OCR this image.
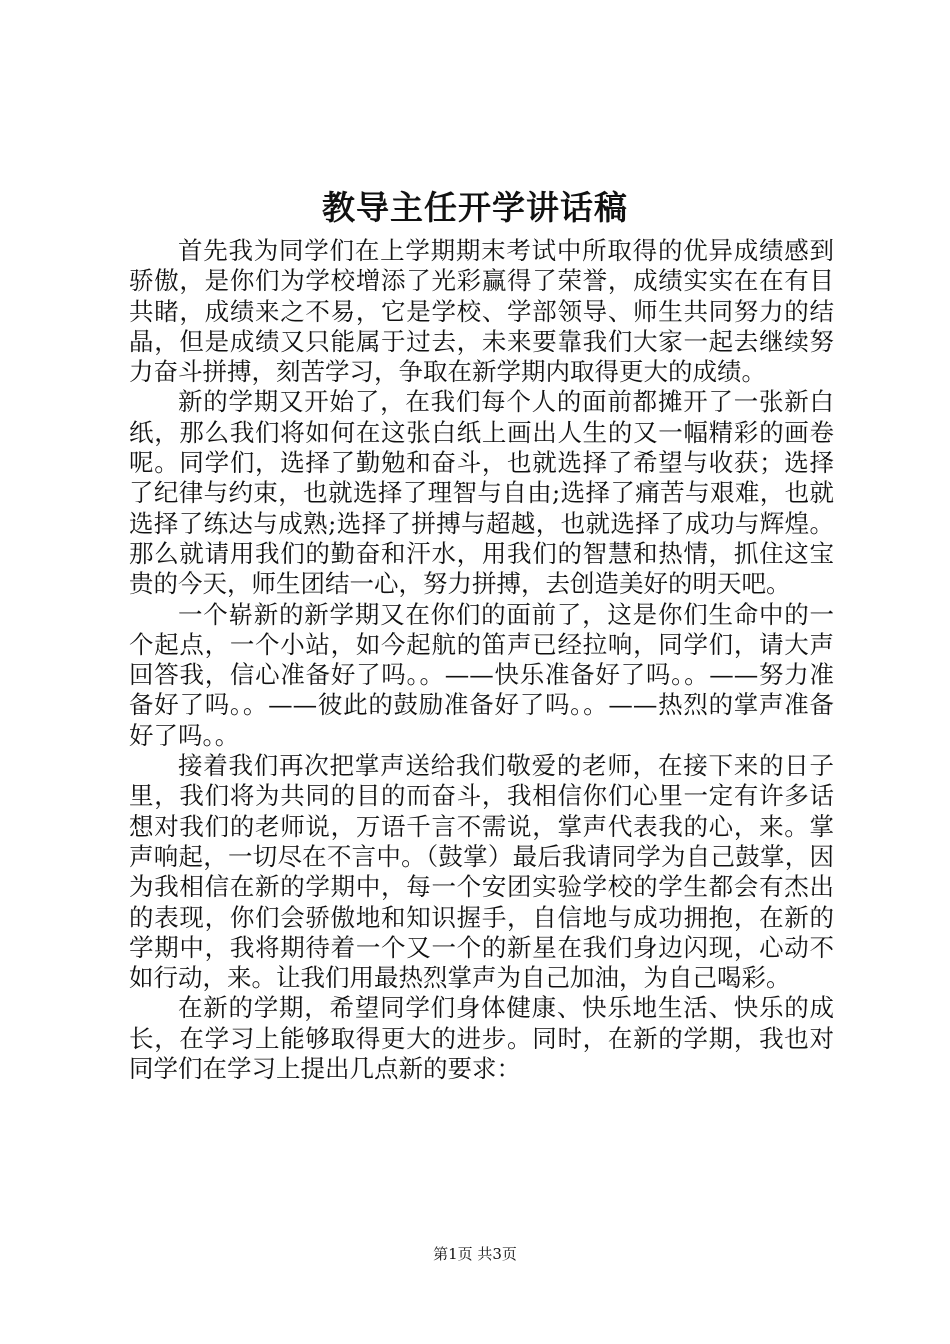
教导主任开学讲话稿

首先我为同学们在上学期期末考试中所取得的优异成绩感到骄傲，是你们为学校增添了光彩赢得了荣誉，成绩实实在在有目共睹，成绩来之不易，它是学校、学部领导、师生共同努力的结晶，但是成绩又只能属于过去，未来要靠我们大家一起去继续努力奋斗拼搏，刻苦学习，争取在新学期内取得更大的成绩。

新的学期又开始了，在我们每个人的面前都摊开了一张新白纸，那么我们将如何在这张白纸上画出人生的又一幅精彩的画卷呢。同学们，选择了勤勉和奋斗，也就选择了希望与收获；选择了纪律与约束，也就选择了理智与自由;选择了痛苦与艰难，也就选择了练达与成熟;选择了拼搏与超越，也就选择了成功与辉煌。那么就请用我们的勤奋和汗水，用我们的智慧和热情，抓住这宝贵的今天，师生团结一心，努力拼搏，去创造美好的明天吧。

一个崭新的新学期又在你们的面前了，这是你们生命中的一个起点，一个小站，如今起航的笛声已经拉响，同学们，请大声回答我，信心准备好了吗。。——快乐准备好了吗。。——努力准备好了吗。。——彼此的鼓励准备好了吗。。——热烈的掌声准备好了吗。。

接着我们再次把掌声送给我们敬爱的老师，在接下来的日子里，我们将为共同的目的而奋斗，我相信你们心里一定有许多话想对我们的老师说，万语千言不需说，掌声代表我的心，来。掌声响起，一切尽在不言中。（鼓掌）最后我请同学为自己鼓掌，因为我相信在新的学期中，每一个安团实验学校的学生都会有杰出的表现，你们会骄傲地和知识握手，自信地与成功拥抱，在新的学期中，我将期待着一个又一个的新星在我们身边闪现，心动不如行动，来。让我们用最热烈掌声为自己加油，为自己喝彩。

在新的学期，希望同学们身体健康、快乐地生活、快乐的成长，在学习上能够取得更大的进步。同时，在新的学期，我也对同学们在学习上提出几点新的要求：

第1页 共3页
